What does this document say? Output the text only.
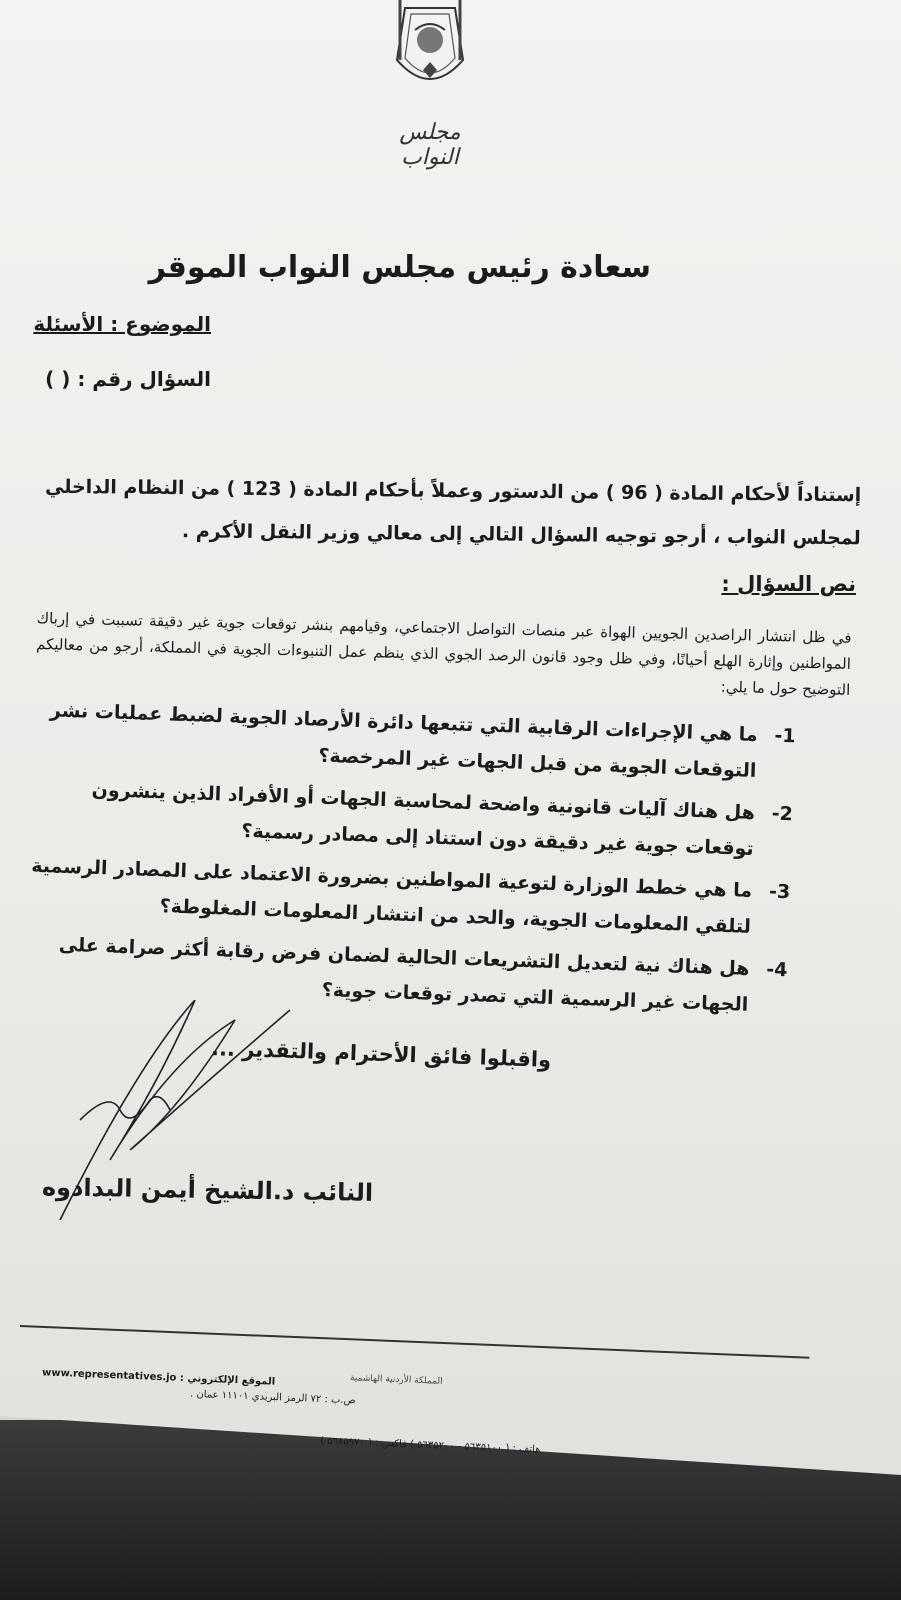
مجلس النواب
سعادة رئيس مجلس النواب الموقر
الموضوع : الأسئلة
السؤال رقم : ( )
إستناداً لأحكام المادة ( 96 ) من الدستور وعملاً بأحكام المادة ( 123 ) من النظام الداخلي لمجلس النواب ، أرجو توجيه السؤال التالي إلى معالي وزير النقل الأكرم .
نص السؤال :
في ظل انتشار الراصدين الجويين الهواة عبر منصات التواصل الاجتماعي، وقيامهم بنشر توقعات جوية غير دقيقة تسببت في إرباك المواطنين وإثارة الهلع أحيانًا، وفي ظل وجود قانون الرصد الجوي الذي ينظم عمل التنبوءات الجوية في المملكة، أرجو من معاليكم التوضيح حول ما يلي:
1-
ما هي الإجراءات الرقابية التي تتبعها دائرة الأرصاد الجوية لضبط عمليات نشر التوقعات الجوية من قبل الجهات غير المرخصة؟
2-
هل هناك آليات قانونية واضحة لمحاسبة الجهات أو الأفراد الذين ينشرون توقعات جوية غير دقيقة دون استناد إلى مصادر رسمية؟
3-
ما هي خطط الوزارة لتوعية المواطنين بضرورة الاعتماد على المصادر الرسمية لتلقي المعلومات الجوية، والحد من انتشار المعلومات المغلوطة؟
4-
هل هناك نية لتعديل التشريعات الحالية لضمان فرض رقابة أكثر صرامة على الجهات غير الرسمية التي تصدر توقعات جوية؟
واقبلوا فائق الأحترام والتقدير ...
النائب د.الشيخ أيمن البدادوه
www.representatives.jo : الموقع الإلكتروني	المملكة الأردنية الهاشمية
ص.ب : ٧٢ الرمز البريدي ١١١٠١ عمان .
هاتف : ( ٥٦٣٥١٠٠ - ٥٦٣٥٢٠٠ ) فاكس : ( ٥٦٨٥٩٧٠ )
